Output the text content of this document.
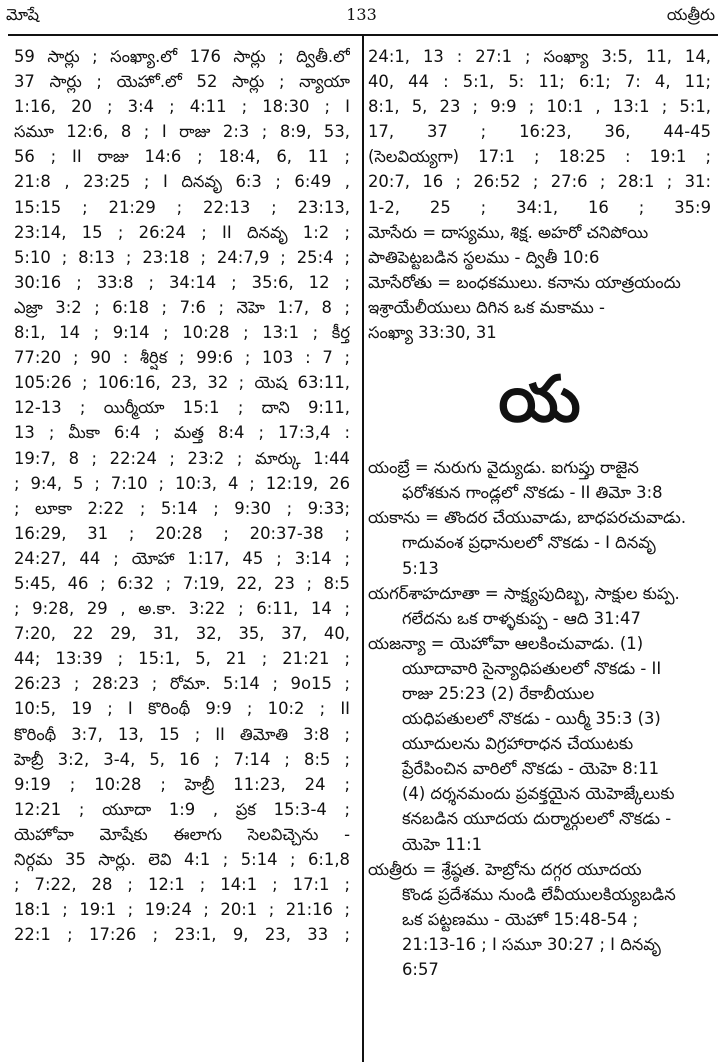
మోషే	133	యత్రీరు
59 సార్లు ; సంఖ్యా.లో 176 సార్లు ; ద్వితీ.లో
37 సార్లు ; యెహో.లో 52 సార్లు ; న్యాయా
1:16, 20 ; 3:4 ; 4:11 ; 18:30 ; I
సమూ 12:6, 8 ; I రాజు 2:3 ; 8:9, 53,
56 ; II రాజు 14:6 ; 18:4, 6, 11 ;
21:8 , 23:25 ; I దినవృ 6:3 ; 6:49 ,
15:15 ; 21:29 ; 22:13 ; 23:13,
23:14, 15 ; 26:24 ; II దినవృ 1:2 ;
5:10 ; 8:13 ; 23:18 ; 24:7,9 ; 25:4 ;
30:16 ; 33:8 ; 34:14 ; 35:6, 12 ;
ఎజ్రా 3:2 ; 6:18 ; 7:6 ; నెహె 1:7, 8 ;
8:1, 14 ; 9:14 ; 10:28 ; 13:1 ; కీర్త
77:20 ; 90 : శీర్షిక ; 99:6 ; 103 : 7 ;
105:26 ; 106:16, 23, 32 ; యెష 63:11,
12-13 ; యిర్మీయా 15:1 ; దాని 9:11,
13 ; మీకా 6:4 ; మత్త 8:4 ; 17:3,4 :
19:7, 8 ; 22:24 ; 23:2 ; మార్కు 1:44
; 9:4, 5 ; 7:10 ; 10:3, 4 ; 12:19, 26
; లూకా 2:22 ; 5:14 ; 9:30 ; 9:33;
16:29, 31 ; 20:28 ; 20:37-38 ;
24:27, 44 ; యోహా 1:17, 45 ; 3:14 ;
5:45, 46 ; 6:32 ; 7:19, 22, 23 ; 8:5
; 9:28, 29 , అ.కా. 3:22 ; 6:11, 14 ;
7:20, 22 29, 31, 32, 35, 37, 40,
44; 13:39 ; 15:1, 5, 21 ; 21:21 ;
26:23 ; 28:23 ; రోమా. 5:14 ; 9o15 ;
10:5, 19 ; I కొరింథీ 9:9 ; 10:2 ; II
కొరింథీ 3:7, 13, 15 ; II తిమోతి 3:8 ;
హెబ్రీ 3:2, 3-4, 5, 16 ; 7:14 ; 8:5 ;
9:19 ; 10:28 ; హెబ్రీ 11:23, 24 ;
12:21 ; యూదా 1:9 , ప్రక 15:3-4 ;
యెహోవా మోషేకు ఈలాగు సెలవిచ్చెను -
నిర్గమ 35 సార్లు. లెవి 4:1 ; 5:14 ; 6:1,8
; 7:22, 28 ; 12:1 ; 14:1 ; 17:1 ;
18:1 ; 19:1 ; 19:24 ; 20:1 ; 21:16 ;
22:1 ; 17:26 ; 23:1, 9, 23, 33 ;
24:1, 13 : 27:1 ; సంఖ్యా 3:5, 11, 14,
40, 44 : 5:1, 5: 11; 6:1; 7: 4, 11;
8:1, 5, 23 ; 9:9 ; 10:1 , 13:1 ; 5:1,
17, 37 ; 16:23, 36, 44-45
(సెలవియ్యగా) 17:1 ; 18:25 : 19:1 ;
20:7, 16 ; 26:52 ; 27:6 ; 28:1 ; 31:
1-2, 25 ; 34:1, 16 ; 35:9
మోసేరు = దాస్యము, శిక్ష. అహరో చనిపోయి
పాతిపెట్టబడిన స్థలము - ద్వితీ 10:6
మోసేరోతు = బంధకములు. కనాను యాత్రయందు
ఇశ్రాయేలీయులు దిగిన ఒక మకాము -
సంఖ్యా 33:30, 31
య
యంబ్రే = నురుగు వైద్యుడు. ఐగుప్తు రాజైన
ఫరోశకున గాండ్లలో నొకడు - II తిమో 3:8
యకాను = తొందర చేయువాడు, బాధపరచువాడు.
గాదువంశ ప్రధానులలో నొకడు - I దినవృ
5:13
యగర్‌శాహదూతా = సాక్ష్యపుదిబ్బ, సాక్షుల కుప్ప.
గలేదను ఒక రాళ్ళకుప్ప - ఆది 31:47
యజన్యా = యెహోవా ఆలకించువాడు. (1)
యూదావారి సైన్యాధిపతులలో నొకడు - II
రాజు 25:23 (2) రేకాబీయుల
యధిపతులలో నొకడు - యిర్మీ 35:3 (3)
యూదులను విగ్రహారాధన చేయుటకు
ప్రేరేపించిన వారిలో నొకడు - యెహె 8:11
(4) దర్శనమందు ప్రవక్తయైన యెహెజ్కేలుకు
కనబడిన యూదయ దుర్మార్గులలో నొకడు -
యెహె 11:1
యత్రీరు = శ్రేష్ఠత. హెబ్రోను దగ్గర యూదయ
కొండ ప్రదేశము నుండి లేవీయులకియ్యబడిన
ఒక పట్టణము - యెహో 15:48-54 ;
21:13-16 ; I సమూ 30:27 ; I దినవృ
6:57
